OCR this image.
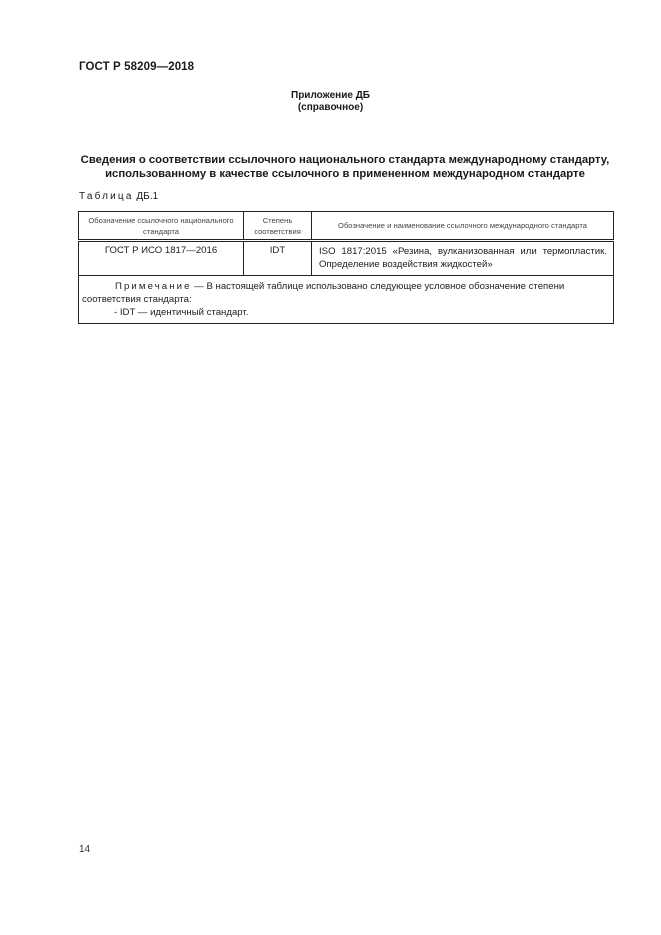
ГОСТ Р 58209—2018
Приложение ДБ
(справочное)
Сведения о соответствии ссылочного национального стандарта международному стандарту,
использованному в качестве ссылочного в примененном международном стандарте
Таблица ДБ.1
Обозначение ссылочного национального стандарта	Степень соответствия	Обозначение и наименование ссылочного международного стандарта
ГОСТ Р ИСО 1817—2016	IDT	ISO 1817:2015 «Резина, вулканизованная или термопластик. Определение воздействия жидкостей»

Примечание — В настоящей таблице использовано следующее условное обозначение степени соответствия стандарта:
- IDT — идентичный стандарт.		
14
